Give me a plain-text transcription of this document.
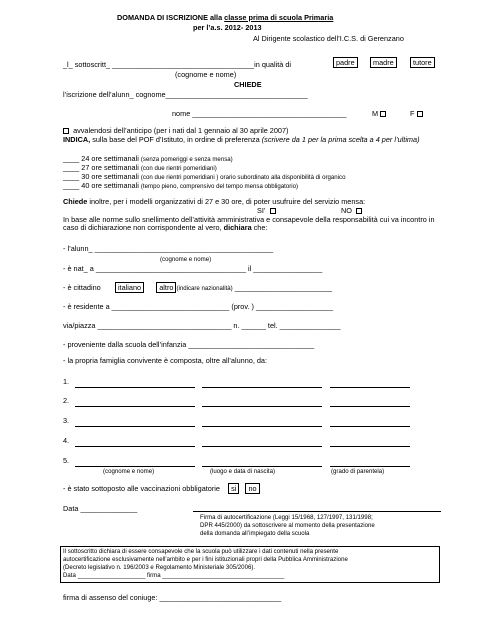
DOMANDA DI ISCRIZIONE alla classe prima di scuola Primaria
per l’a.s. 2012- 2013
Al Dirigente scolastico dell’I.C.S. di Gerenzano
_l_ sottoscritt_ ___________________________________in qualità di	padre	madre	tutore
(cognome e nome)
CHIEDE
l’iscrizione dell’alunn_ cognome___________________________________
nome ______________________________________	M	F
avvalendosi dell’anticipo (per i nati dal 1 gennaio al 30 aprile 2007)
INDICA, sulla base del POF d’Istituto, in ordine di preferenza (scrivere da 1 per la prima scelta a 4 per l’ultima)
____ 24 ore settimanali (senza pomeriggi e senza mensa)
____ 27 ore settimanali (con due rientri pomeridiani)
____ 30 ore settimanali (con due rientri pomeridiani ) orario subordinato alla disponibilità di organico
____ 40 ore settimanali (tempo pieno, comprensivo del tempo mensa obbligatorio)
Chiede inoltre, per i modelli organizzativi di 27 e 30 ore, di poter usufruire del servizio mensa:
SI’	NO
In base alle norme sullo snellimento dell’attività amministrativa e consapevole della responsabilità cui va incontro in caso di dichiarazione non corrispondente al vero, dichiara che:
- l’alunn_ ____________________________________________
(cognome e nome)
- è nat_ a _____________________________________ il _________________
- è cittadino italiano altro (indicare nazionalità) ________________________
- è residente a _____________________________ (prov. ) ___________________
via/piazza _________________________________ n. ______ tel. _______________
- proveniente dalla scuola dell’infanzia _______________________________
- la propria famiglia convivente è composta, oltre all’alunno, da:
1.
2.
3.
4.
5.
(cognome e nome)	(luogo e data di nascita)	(grado di parentela)
- è stato sottoposto alle vaccinazioni obbligatorie si no
Data ______________
Firma di autocertificazione (Leggi 15/1968, 127/1997, 131/1998;
DPR 445/2000) da sottoscrivere al momento della presentazione
della domanda all’impiegato della scuola
Il sottoscritto dichiara di essere consapevole che la scuola può utilizzare i dati contenuti nella presente
autocertificazione esclusivamente nell’ambito e per i fini istituzionali propri della Pubblica Amministrazione
(Decreto legislativo n. 196/2003 e Regolamento Ministeriale 305/2006).
Data ____________________ firma ____________________________________
firma di assenso del coniuge: ______________________________
